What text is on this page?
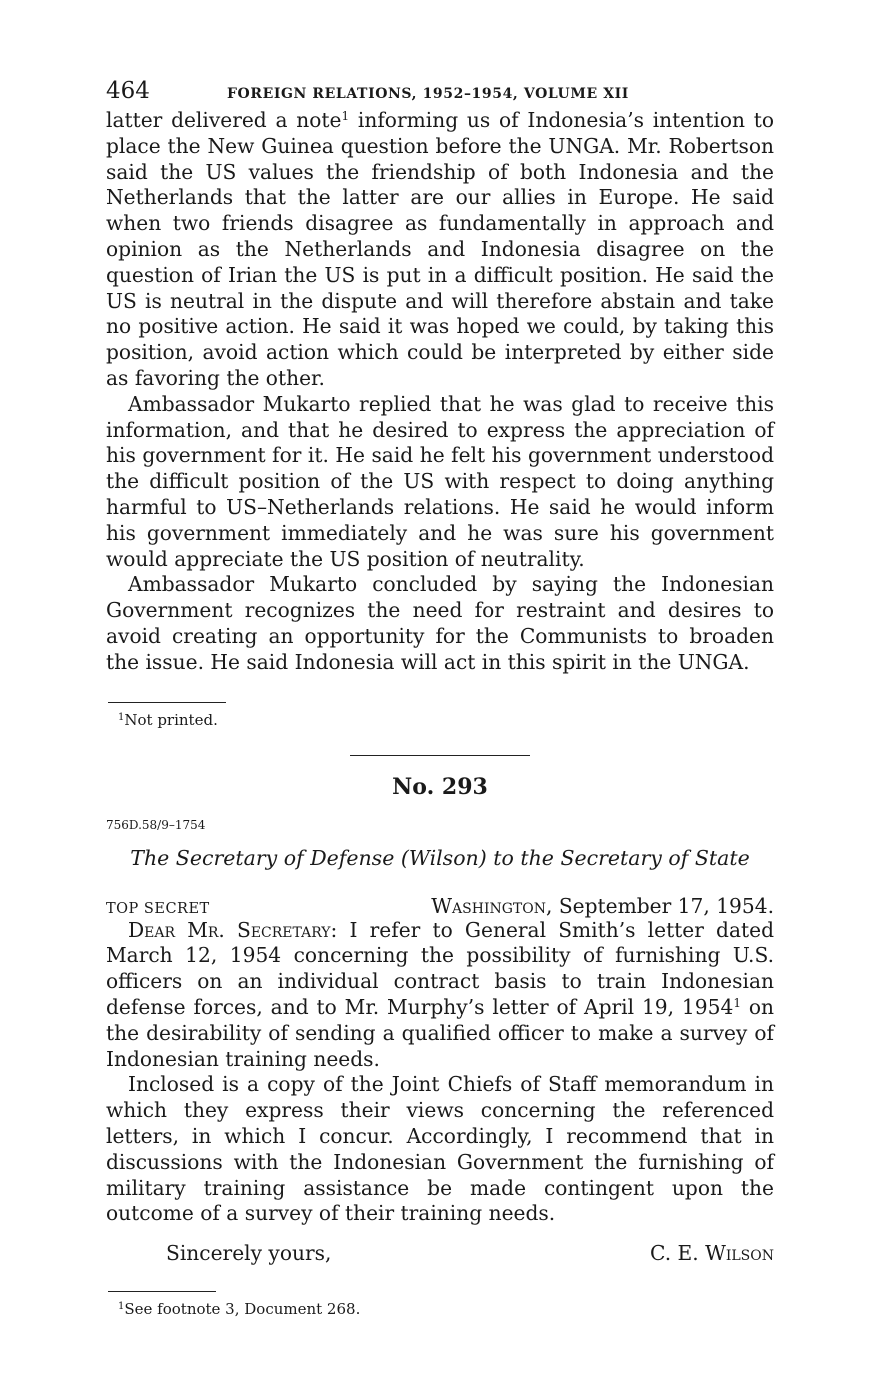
464	FOREIGN RELATIONS, 1952–1954, VOLUME XII

latter delivered a note$^1$ informing us of Indonesia’s intention to place the New Guinea question before the UNGA. Mr. Robertson said the US values the friendship of both Indonesia and the Netherlands that the latter are our allies in Europe. He said when two friends disagree as fundamentally in approach and opinion as the Netherlands and Indonesia disagree on the question of Irian the US is put in a difficult position. He said the US is neutral in the dispute and will therefore abstain and take no positive action. He said it was hoped we could, by taking this position, avoid action which could be interpreted by either side as favoring the other.

Ambassador Mukarto replied that he was glad to receive this information, and that he desired to express the appreciation of his government for it. He said he felt his government understood the difficult position of the US with respect to doing anything harmful to US–Netherlands relations. He said he would inform his government immediately and he was sure his government would appreciate the US position of neutrality.

Ambassador Mukarto concluded by saying the Indonesian Government recognizes the need for restraint and desires to avoid creating an opportunity for the Communists to broaden the issue. He said Indonesia will act in this spirit in the UNGA.

$^1$Not printed.

No. 293
756D.58/9–1754
The Secretary of Defense (Wilson) to the Secretary of State
TOP SECRET	Washington, September 17, 1954.

Dear Mr. Secretary: I refer to General Smith’s letter dated March 12, 1954 concerning the possibility of furnishing U.S. officers on an individual contract basis to train Indonesian defense forces, and to Mr. Murphy’s letter of April 19, 1954$^1$ on the desirability of sending a qualified officer to make a survey of Indonesian training needs.

Inclosed is a copy of the Joint Chiefs of Staff memorandum in which they express their views concerning the referenced letters, in which I concur. Accordingly, I recommend that in discussions with the Indonesian Government the furnishing of military training assistance be made contingent upon the outcome of a survey of their training needs.

Sincerely yours,	C. E. Wilson

$^1$See footnote 3, Document 268.
